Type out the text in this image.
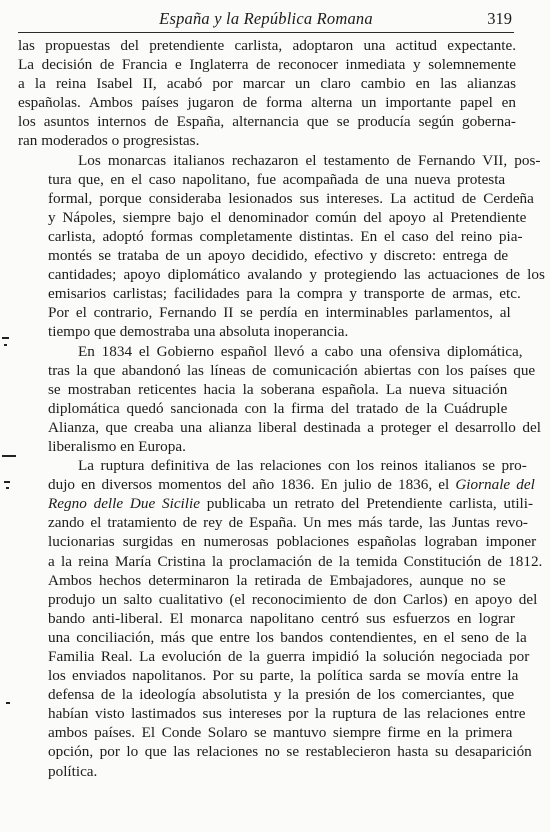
España y la República Romana	319
las propuestas del pretendiente carlista, adoptaron una actitud expectante.
La decisión de Francia e Inglaterra de reconocer inmediata y solemnemente
a la reina Isabel II, acabó por marcar un claro cambio en las alianzas
españolas. Ambos países jugaron de forma alterna un importante papel en
los asuntos internos de España, alternancia que se producía según goberna-
ran moderados o progresistas.
Los monarcas italianos rechazaron el testamento de Fernando VII, pos-
tura que, en el caso napolitano, fue acompañada de una nueva protesta
formal, porque consideraba lesionados sus intereses. La actitud de Cerdeña
y Nápoles, siempre bajo el denominador común del apoyo al Pretendiente
carlista, adoptó formas completamente distintas. En el caso del reino pia-
montés se trataba de un apoyo decidido, efectivo y discreto: entrega de
cantidades; apoyo diplomático avalando y protegiendo las actuaciones de los
emisarios carlistas; facilidades para la compra y transporte de armas, etc.
Por el contrario, Fernando II se perdía en interminables parlamentos, al
tiempo que demostraba una absoluta inoperancia.
En 1834 el Gobierno español llevó a cabo una ofensiva diplomática,
tras la que abandonó las líneas de comunicación abiertas con los países que
se mostraban reticentes hacia la soberana española. La nueva situación
diplomática quedó sancionada con la firma del tratado de la Cuádruple
Alianza, que creaba una alianza liberal destinada a proteger el desarrollo del
liberalismo en Europa.
La ruptura definitiva de las relaciones con los reinos italianos se pro-
dujo en diversos momentos del año 1836. En julio de 1836, el Giornale del
Regno delle Due Sicilie publicaba un retrato del Pretendiente carlista, utili-
zando el tratamiento de rey de España. Un mes más tarde, las Juntas revo-
lucionarias surgidas en numerosas poblaciones españolas lograban imponer
a la reina María Cristina la proclamación de la temida Constitución de 1812.
Ambos hechos determinaron la retirada de Embajadores, aunque no se
produjo un salto cualitativo (el reconocimiento de don Carlos) en apoyo del
bando anti-liberal. El monarca napolitano centró sus esfuerzos en lograr
una conciliación, más que entre los bandos contendientes, en el seno de la
Familia Real. La evolución de la guerra impidió la solución negociada por
los enviados napolitanos. Por su parte, la política sarda se movía entre la
defensa de la ideología absolutista y la presión de los comerciantes, que
habían visto lastimados sus intereses por la ruptura de las relaciones entre
ambos países. El Conde Solaro se mantuvo siempre firme en la primera
opción, por lo que las relaciones no se restablecieron hasta su desaparición
política.
